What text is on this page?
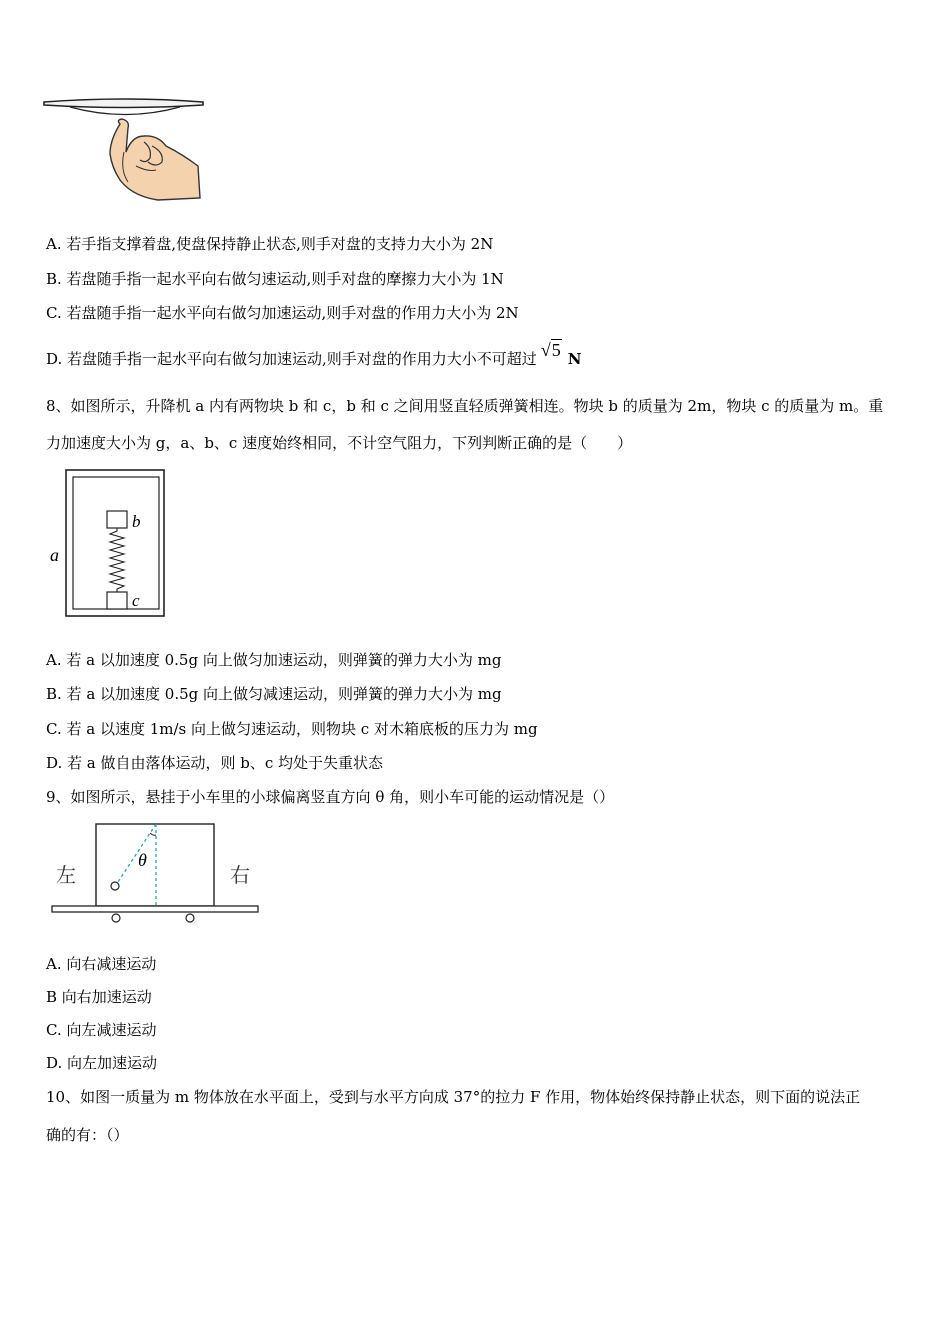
A. 若手指支撑着盘,使盘保持静止状态,则手对盘的支持力大小为 2N
B. 若盘随手指一起水平向右做匀速运动,则手对盘的摩擦力大小为 1N
C. 若盘随手指一起水平向右做匀加速运动,则手对盘的作用力大小为 2N
D. 若盘随手指一起水平向右做匀加速运动,则手对盘的作用力大小不可超过 √5 N
8、如图所示，升降机 a 内有两物块 b 和 c，b 和 c 之间用竖直轻质弹簧相连。物块 b 的质量为 2m，物块 c 的质量为 m。重
力加速度大小为 g，a、b、c 速度始终相同，不计空气阻力，下列判断正确的是（　　）
a
b
c
A. 若 a 以加速度 0.5g 向上做匀加速运动，则弹簧的弹力大小为 mg
B. 若 a 以加速度 0.5g 向上做匀减速运动，则弹簧的弹力大小为 mg
C. 若 a 以速度 1m/s 向上做匀速运动，则物块 c 对木箱底板的压力为 mg
D. 若 a 做自由落体运动，则 b、c 均处于失重状态
9、如图所示，悬挂于小车里的小球偏离竖直方向 θ 角，则小车可能的运动情况是（）
θ
左	右
A. 向右减速运动
B 向右加速运动
C. 向左减速运动
D. 向左加速运动
10、如图一质量为 m 物体放在水平面上，受到与水平方向成 37°的拉力 F 作用，物体始终保持静止状态，则下面的说法正
确的有：（）
